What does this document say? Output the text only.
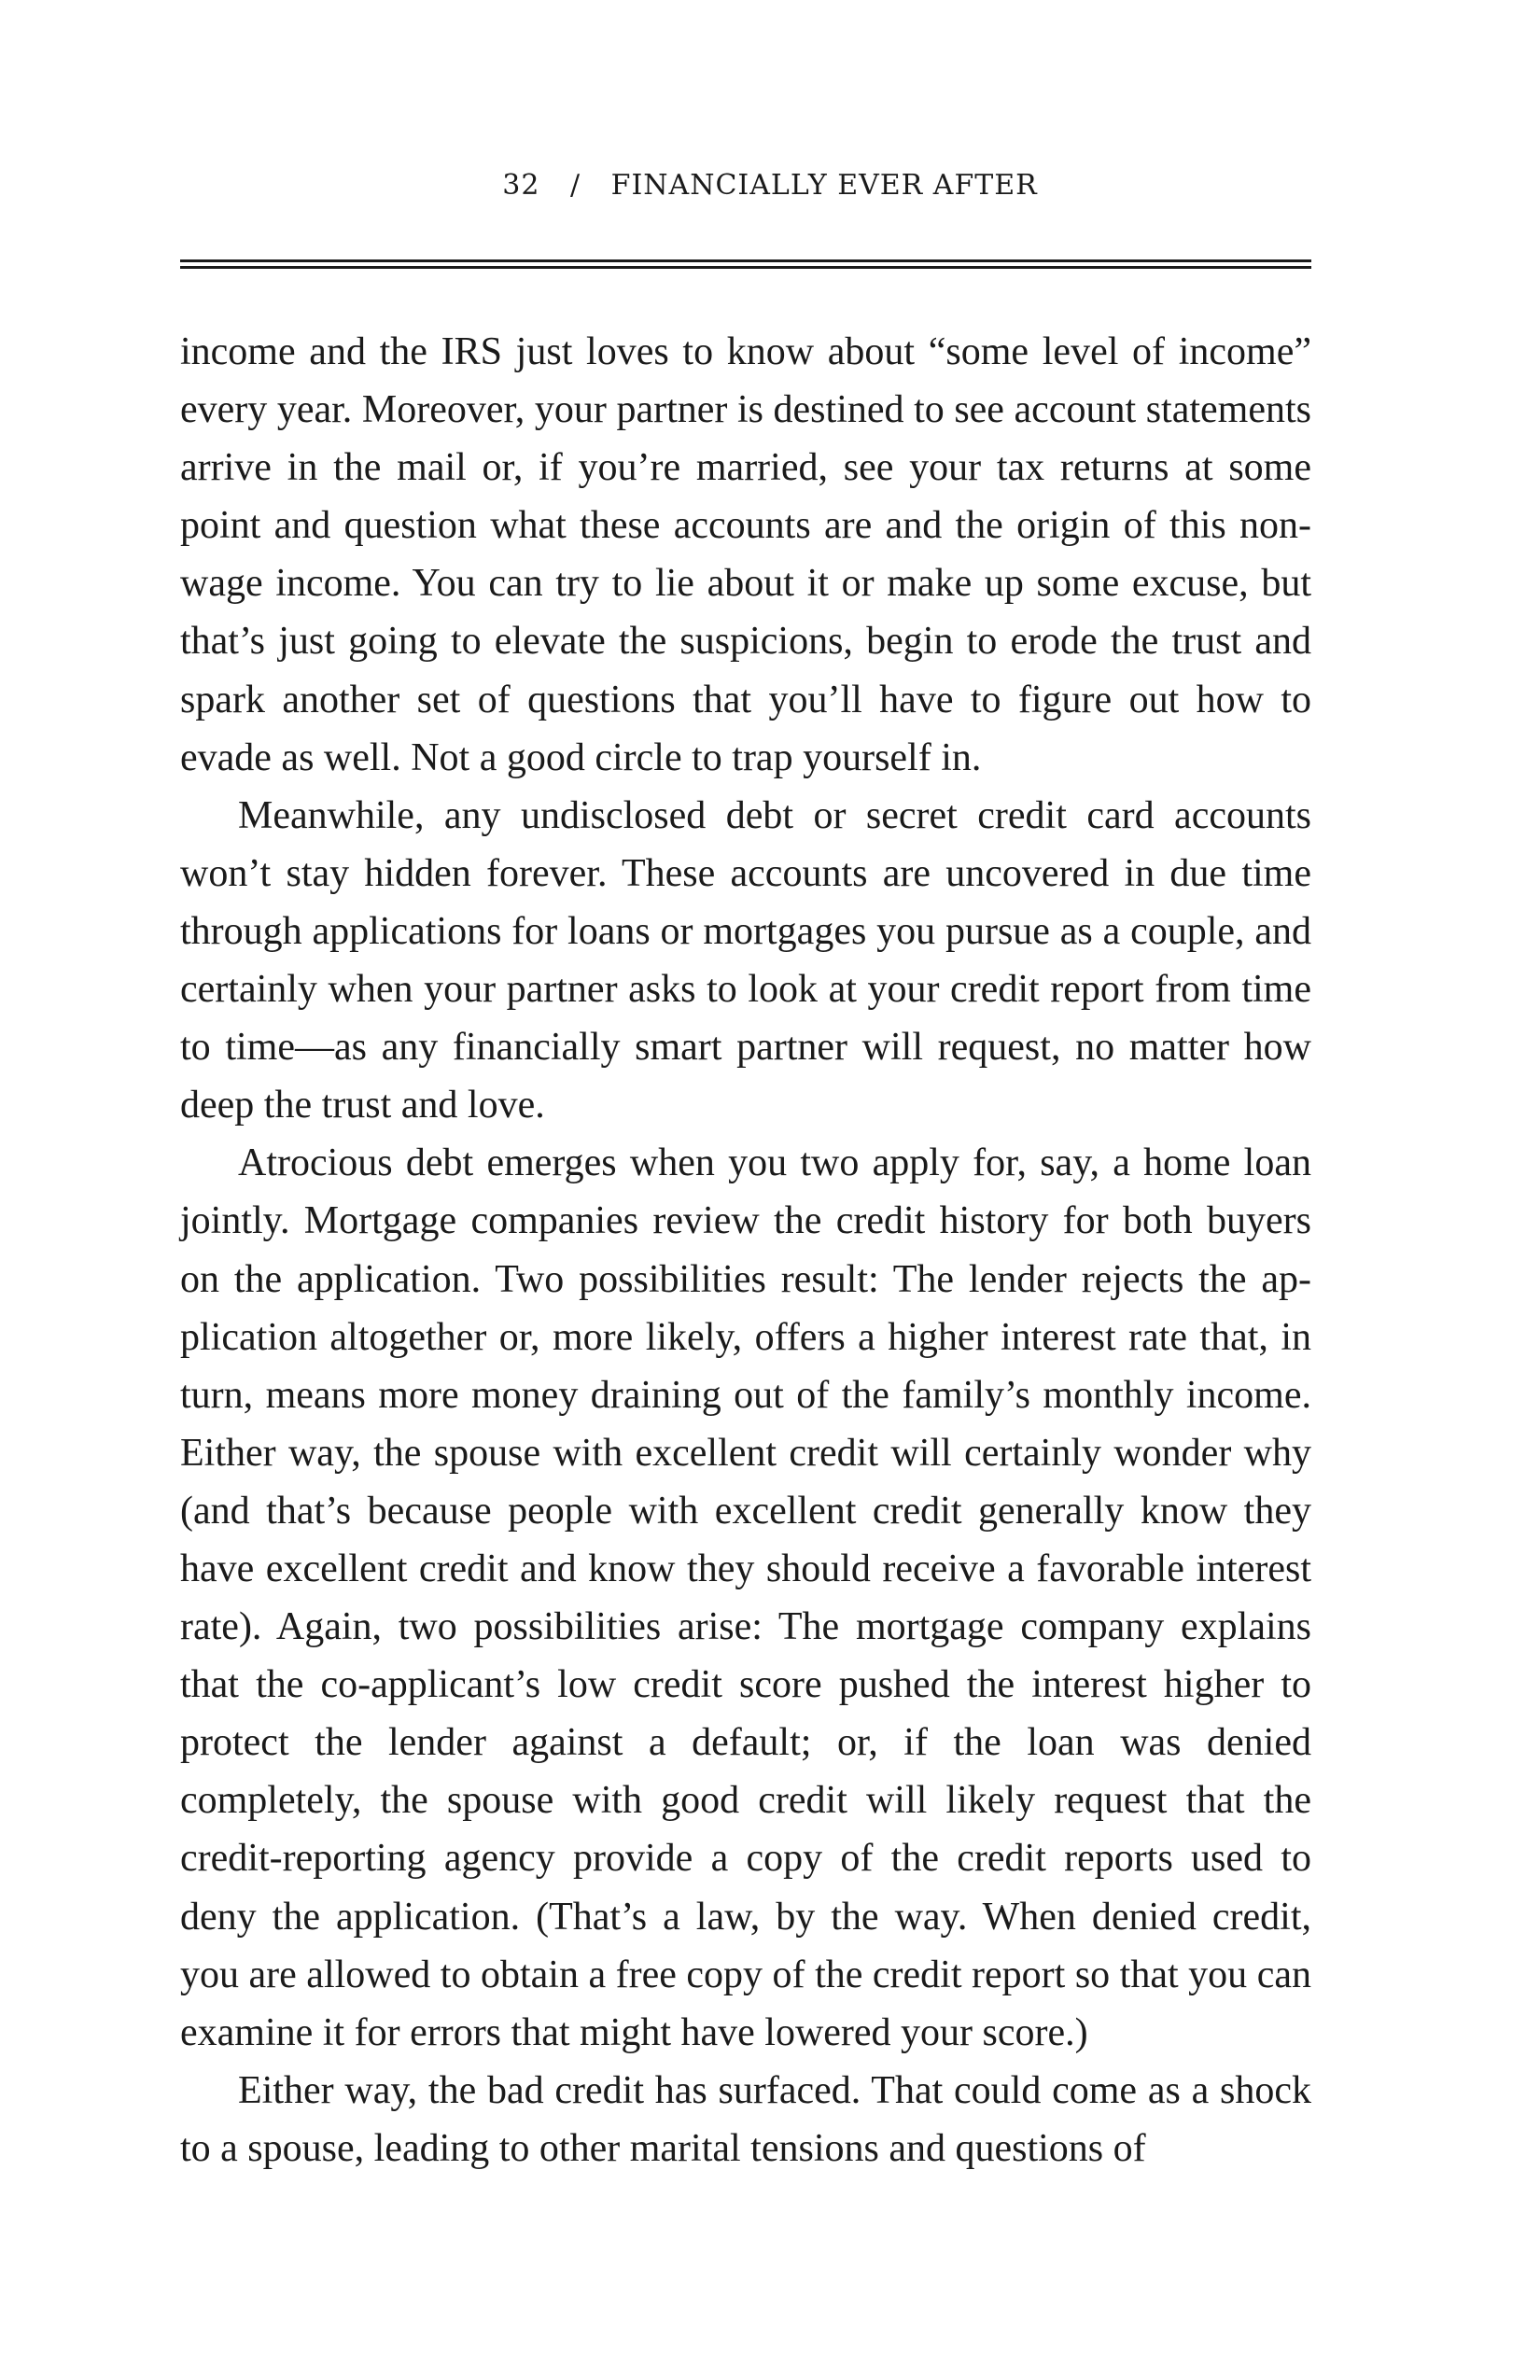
32 / FINANCIALLY EVER AFTER

income and the IRS just loves to know about “some level of income” every year. Moreover, your partner is destined to see account statements arrive in the mail or, if you’re married, see your tax returns at some point and question what these accounts are and the origin of this non-wage income. You can try to lie about it or make up some excuse, but that’s just going to elevate the suspicions, begin to erode the trust and spark another set of questions that you’ll have to figure out how to evade as well. Not a good circle to trap yourself in.

Meanwhile, any undisclosed debt or secret credit card accounts won’t stay hidden forever. These accounts are uncovered in due time through applications for loans or mortgages you pursue as a couple, and certainly when your partner asks to look at your credit report from time to time—as any financially smart partner will request, no matter how deep the trust and love.

Atrocious debt emerges when you two apply for, say, a home loan jointly. Mortgage companies review the credit history for both buyers on the application. Two possibilities result: The lender rejects the application altogether or, more likely, offers a higher interest rate that, in turn, means more money draining out of the family’s monthly income. Either way, the spouse with excellent credit will certainly wonder why (and that’s because people with excellent credit generally know they have excellent credit and know they should receive a favorable interest rate). Again, two possibilities arise: The mortgage company explains that the co-applicant’s low credit score pushed the interest higher to protect the lender against a default; or, if the loan was denied completely, the spouse with good credit will likely request that the credit-reporting agency provide a copy of the credit reports used to deny the application. (That’s a law, by the way. When denied credit, you are allowed to obtain a free copy of the credit report so that you can examine it for errors that might have lowered your score.)

Either way, the bad credit has surfaced. That could come as a shock to a spouse, leading to other marital tensions and questions of
